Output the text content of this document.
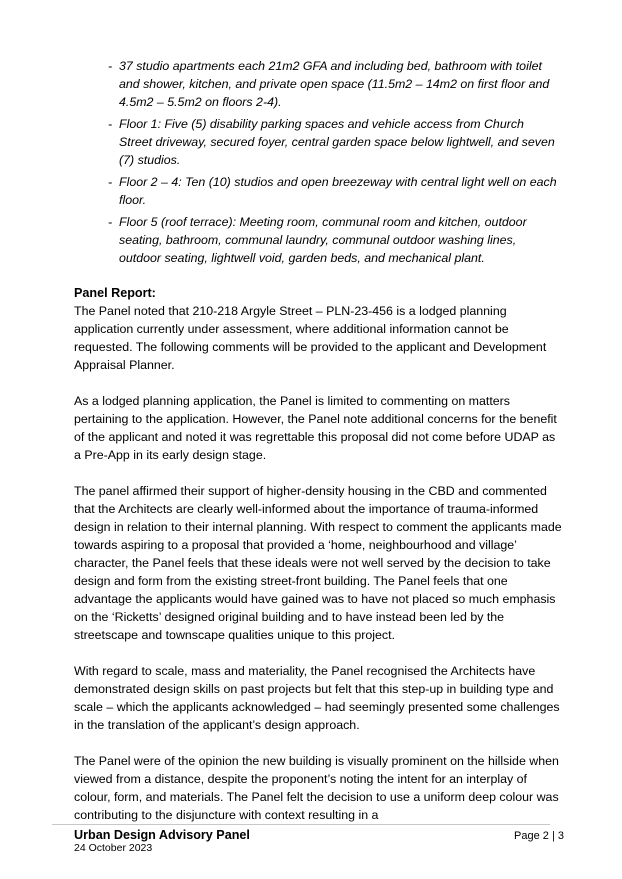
- 37 studio apartments each 21m2 GFA and including bed, bathroom with toilet and shower, kitchen, and private open space (11.5m2 – 14m2 on first floor and 4.5m2 – 5.5m2 on floors 2-4).
- Floor 1: Five (5) disability parking spaces and vehicle access from Church Street driveway, secured foyer, central garden space below lightwell, and seven (7) studios.
- Floor 2 – 4: Ten (10) studios and open breezeway with central light well on each floor.
- Floor 5 (roof terrace): Meeting room, communal room and kitchen, outdoor seating, bathroom, communal laundry, communal outdoor washing lines, outdoor seating, lightwell void, garden beds, and mechanical plant.

Panel Report:

The Panel noted that 210-218 Argyle Street – PLN-23-456 is a lodged planning application currently under assessment, where additional information cannot be requested. The following comments will be provided to the applicant and Development Appraisal Planner.

As a lodged planning application, the Panel is limited to commenting on matters pertaining to the application. However, the Panel note additional concerns for the benefit of the applicant and noted it was regrettable this proposal did not come before UDAP as a Pre-App in its early design stage.

The panel affirmed their support of higher-density housing in the CBD and commented that the Architects are clearly well-informed about the importance of trauma-informed design in relation to their internal planning. With respect to comment the applicants made towards aspiring to a proposal that provided a ‘home, neighbourhood and village’ character, the Panel feels that these ideals were not well served by the decision to take design and form from the existing street-front building. The Panel feels that one advantage the applicants would have gained was to have not placed so much emphasis on the ‘Ricketts’ designed original building and to have instead been led by the streetscape and townscape qualities unique to this project.

With regard to scale, mass and materiality, the Panel recognised the Architects have demonstrated design skills on past projects but felt that this step-up in building type and scale – which the applicants acknowledged – had seemingly presented some challenges in the translation of the applicant’s design approach.

The Panel were of the opinion the new building is visually prominent on the hillside when viewed from a distance, despite the proponent’s noting the intent for an interplay of colour, form, and materials. The Panel felt the decision to use a uniform deep colour was contributing to the disjuncture with context resulting in a

Urban Design Advisory Panel
24 October 2023
Page 2 | 3
